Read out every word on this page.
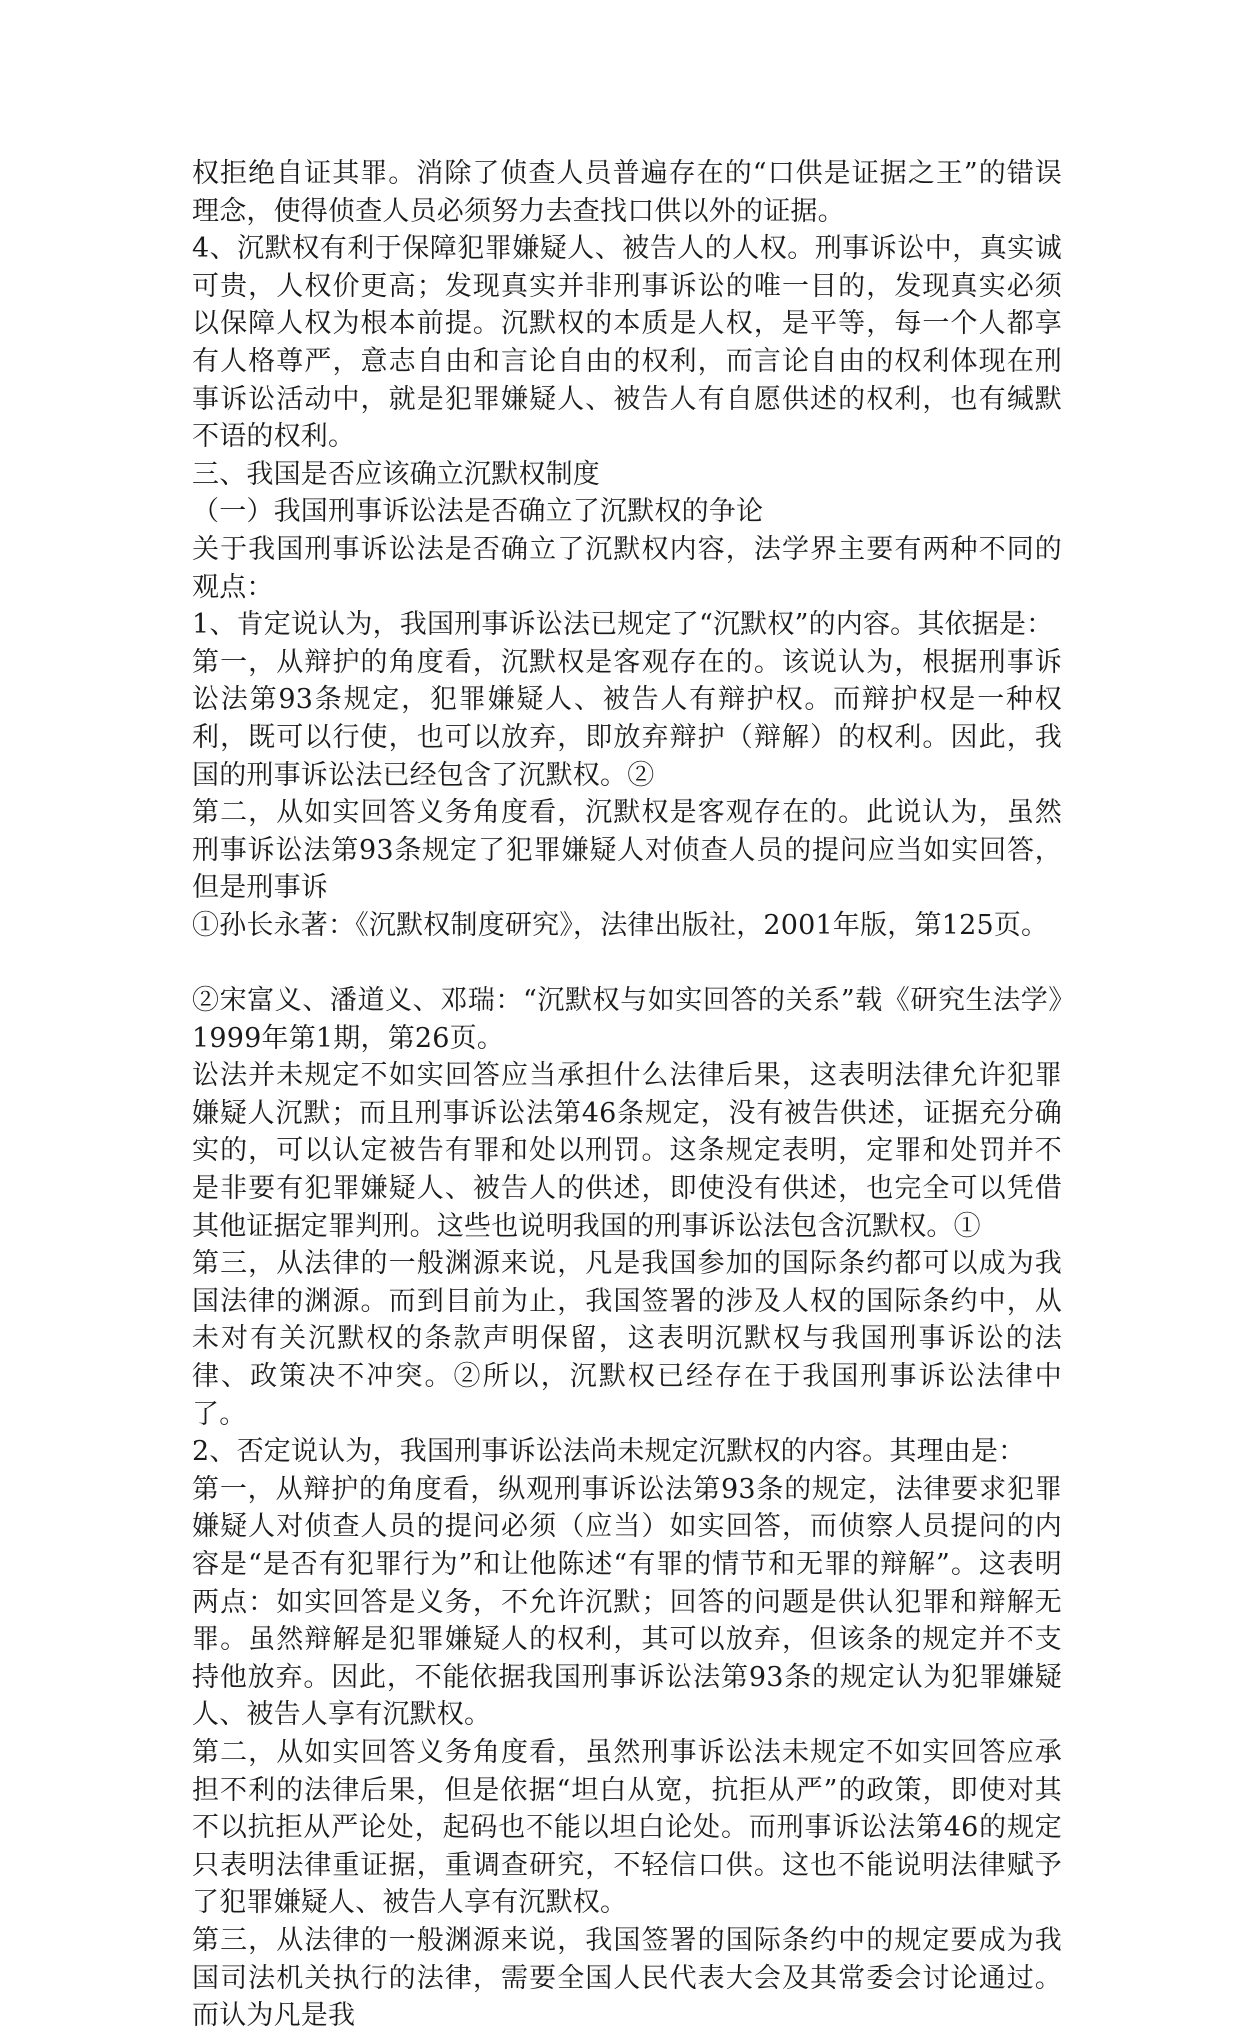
权拒绝自证其罪。消除了侦查人员普遍存在的“口供是证据之王”的错误理念，使得侦查人员必须努力去查找口供以外的证据。

4、沉默权有利于保障犯罪嫌疑人、被告人的人权。刑事诉讼中，真实诚可贵，人权价更高；发现真实并非刑事诉讼的唯一目的，发现真实必须以保障人权为根本前提。沉默权的本质是人权，是平等，每一个人都享有人格尊严，意志自由和言论自由的权利，而言论自由的权利体现在刑事诉讼活动中，就是犯罪嫌疑人、被告人有自愿供述的权利，也有缄默不语的权利。

三、我国是否应该确立沉默权制度

（一）我国刑事诉讼法是否确立了沉默权的争论

关于我国刑事诉讼法是否确立了沉默权内容，法学界主要有两种不同的观点：

1、肯定说认为，我国刑事诉讼法已规定了“沉默权”的内容。其依据是：

第一，从辩护的角度看，沉默权是客观存在的。该说认为，根据刑事诉讼法第93条规定，犯罪嫌疑人、被告人有辩护权。而辩护权是一种权利，既可以行使，也可以放弃，即放弃辩护（辩解）的权利。因此，我国的刑事诉讼法已经包含了沉默权。②

第二，从如实回答义务角度看，沉默权是客观存在的。此说认为，虽然刑事诉讼法第93条规定了犯罪嫌疑人对侦查人员的提问应当如实回答，但是刑事诉

①孙长永著：《沉默权制度研究》，法律出版社，2001年版，第125页。

②宋富义、潘道义、邓瑞：“沉默权与如实回答的关系”载《研究生法学》1999年第1期，第26页。

讼法并未规定不如实回答应当承担什么法律后果，这表明法律允许犯罪嫌疑人沉默；而且刑事诉讼法第46条规定，没有被告供述，证据充分确实的，可以认定被告有罪和处以刑罚。这条规定表明，定罪和处罚并不是非要有犯罪嫌疑人、被告人的供述，即使没有供述，也完全可以凭借其他证据定罪判刑。这些也说明我国的刑事诉讼法包含沉默权。①

第三，从法律的一般渊源来说，凡是我国参加的国际条约都可以成为我国法律的渊源。而到目前为止，我国签署的涉及人权的国际条约中，从未对有关沉默权的条款声明保留，这表明沉默权与我国刑事诉讼的法律、政策决不冲突。②所以，沉默权已经存在于我国刑事诉讼法律中了。

2、否定说认为，我国刑事诉讼法尚未规定沉默权的内容。其理由是：

第一，从辩护的角度看，纵观刑事诉讼法第93条的规定，法律要求犯罪嫌疑人对侦查人员的提问必须（应当）如实回答，而侦察人员提问的内容是“是否有犯罪行为”和让他陈述“有罪的情节和无罪的辩解”。这表明两点：如实回答是义务，不允许沉默；回答的问题是供认犯罪和辩解无罪。虽然辩解是犯罪嫌疑人的权利，其可以放弃，但该条的规定并不支持他放弃。因此，不能依据我国刑事诉讼法第93条的规定认为犯罪嫌疑人、被告人享有沉默权。

第二，从如实回答义务角度看，虽然刑事诉讼法未规定不如实回答应承担不利的法律后果，但是依据“坦白从宽，抗拒从严”的政策，即使对其不以抗拒从严论处，起码也不能以坦白论处。而刑事诉讼法第46的规定只表明法律重证据，重调查研究，不轻信口供。这也不能说明法律赋予了犯罪嫌疑人、被告人享有沉默权。

第三，从法律的一般渊源来说，我国签署的国际条约中的规定要成为我国司法机关执行的法律，需要全国人民代表大会及其常委会讨论通过。而认为凡是我
